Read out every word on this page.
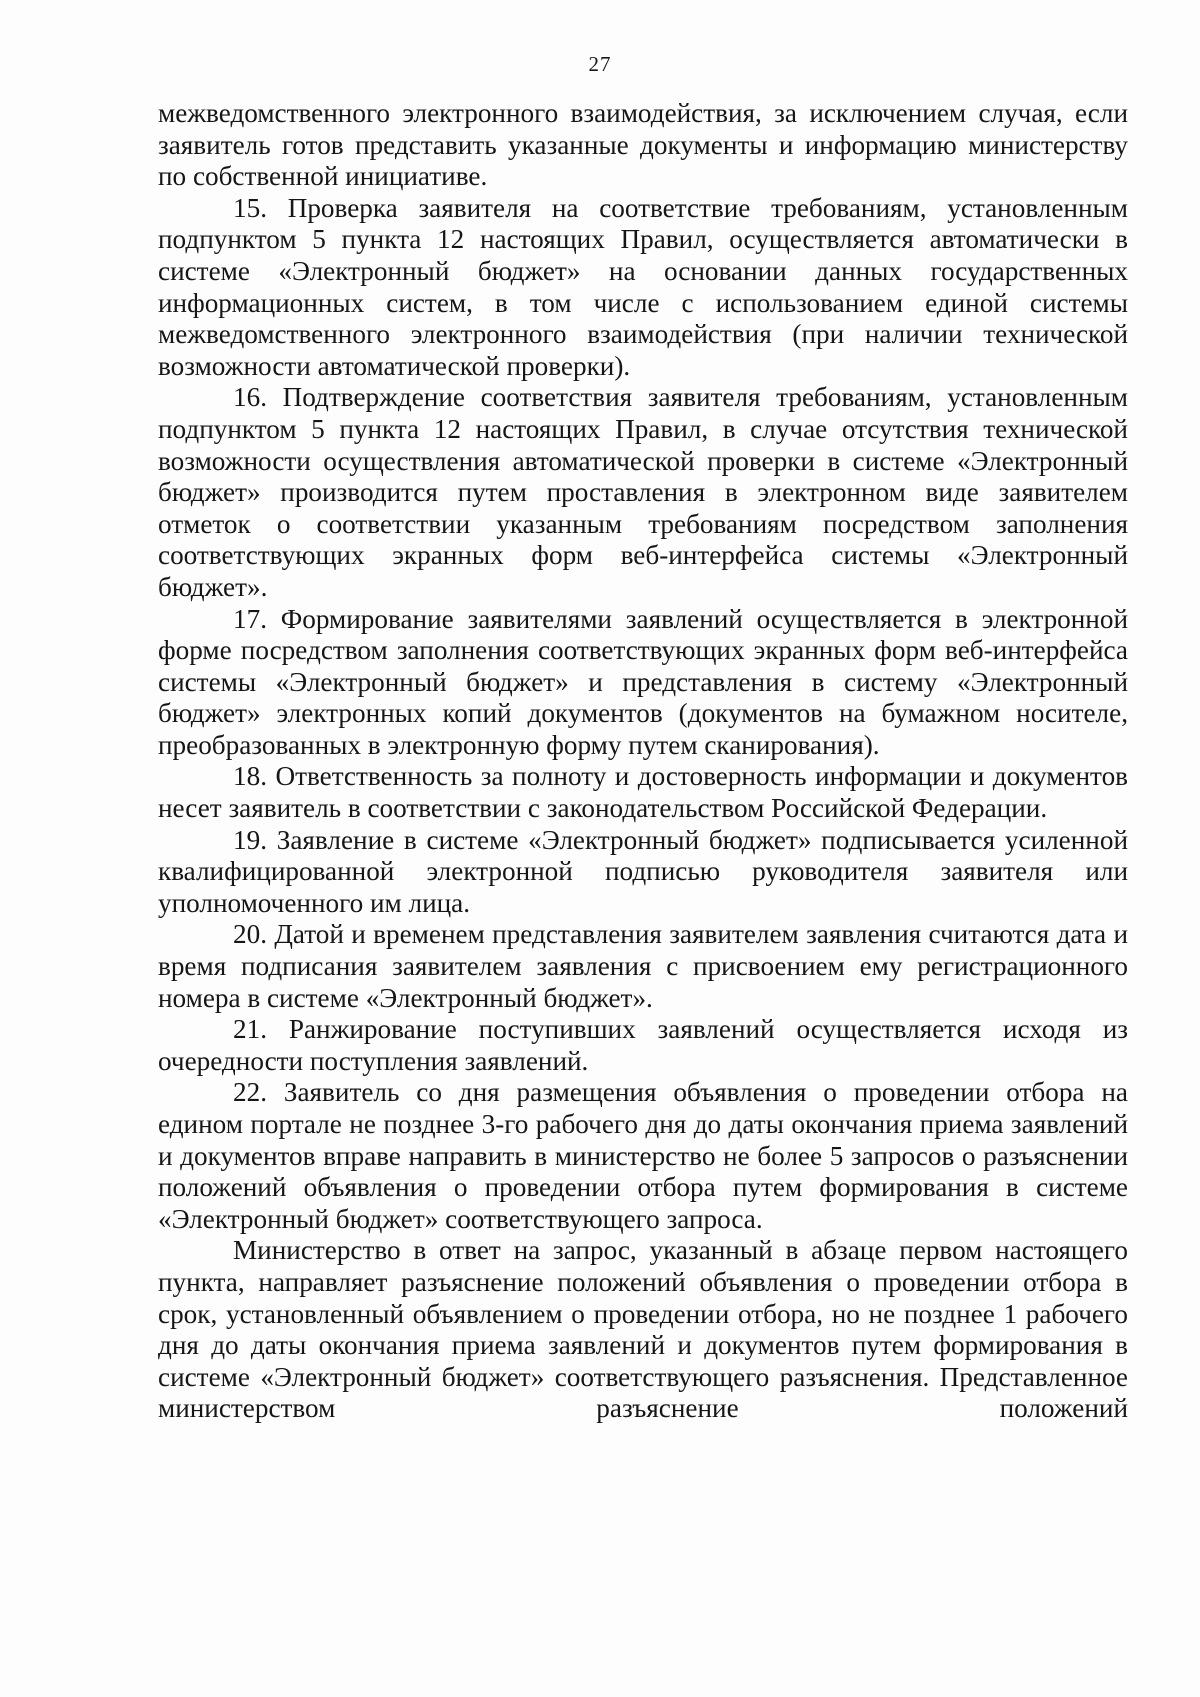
27

межведомственного электронного взаимодействия, за исключением случая, если заявитель готов представить указанные документы и информацию министерству по собственной инициативе.

15. Проверка заявителя на соответствие требованиям, установленным подпунктом 5 пункта 12 настоящих Правил, осуществляется автоматически в системе «Электронный бюджет» на основании данных государственных информационных систем, в том числе с использованием единой системы межведомственного электронного взаимодействия (при наличии технической возможности автоматической проверки).

16. Подтверждение соответствия заявителя требованиям, установленным подпунктом 5 пункта 12 настоящих Правил, в случае отсутствия технической возможности осуществления автоматической проверки в системе «Электронный бюджет» производится путем проставления в электронном виде заявителем отметок о соответствии указанным требованиям посредством заполнения соответствующих экранных форм веб-интерфейса системы «Электронный бюджет».

17. Формирование заявителями заявлений осуществляется в электронной форме посредством заполнения соответствующих экранных форм веб-интерфейса системы «Электронный бюджет» и представления в систему «Электронный бюджет» электронных копий документов (документов на бумажном носителе, преобразованных в электронную форму путем сканирования).

18. Ответственность за полноту и достоверность информации и документов несет заявитель в соответствии с законодательством Российской Федерации.

19. Заявление в системе «Электронный бюджет» подписывается усиленной квалифицированной электронной подписью руководителя заявителя или уполномоченного им лица.

20. Датой и временем представления заявителем заявления считаются дата и время подписания заявителем заявления с присвоением ему регистрационного номера в системе «Электронный бюджет».

21. Ранжирование поступивших заявлений осуществляется исходя из очередности поступления заявлений.

22. Заявитель со дня размещения объявления о проведении отбора на едином портале не позднее 3-го рабочего дня до даты окончания приема заявлений и документов вправе направить в министерство не более 5 запросов о разъяснении положений объявления о проведении отбора путем формирования в системе «Электронный бюджет» соответствующего запроса.

Министерство в ответ на запрос, указанный в абзаце первом настоящего пункта, направляет разъяснение положений объявления о проведении отбора в срок, установленный объявлением о проведении отбора, но не позднее 1 рабочего дня до даты окончания приема заявлений и документов путем формирования в системе «Электронный бюджет» соответствующего разъяснения. Представленное министерством разъяснение положений
